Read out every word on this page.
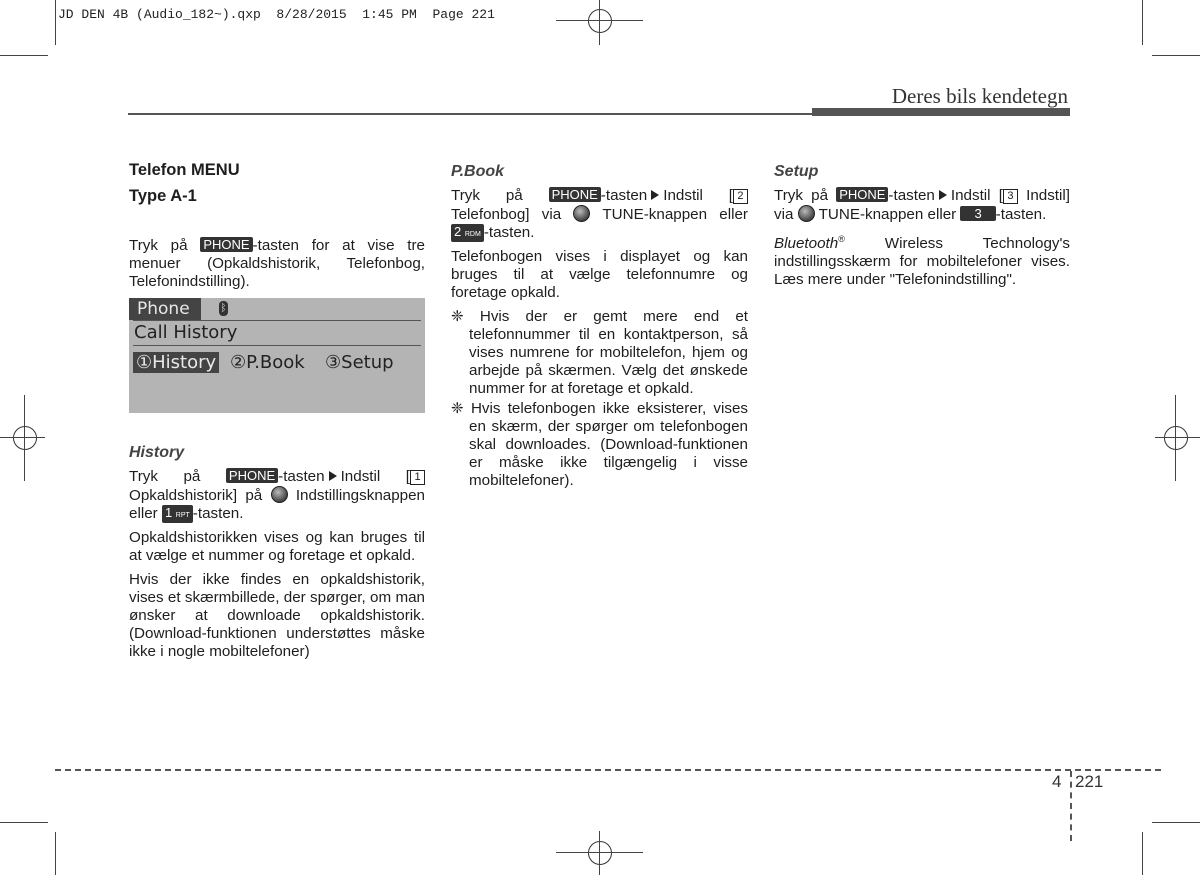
JD DEN 4B (Audio_182~).qxp  8/28/2015  1:45 PM  Page 221
Deres bils kendetegn

Telefon MENU

Type A-1

Tryk på PHONE -tasten for at vise tre menuer (Opkaldshistorik, Telefonbog, Telefonindstilling).

Phone	ᛒ
Call History
①History ②P.Book ③Setup

History

Tryk på PHONE -tasten Indstil [ 1 Opkaldshistorik] på Indstillingsknappen eller 1 RPT -tasten.

Opkaldshistorikken vises og kan bruges til at vælge et nummer og foretage et opkald.

Hvis der ikke findes en opkaldshistorik, vises et skærmbillede, der spørger, om man ønsker at downloade opkaldshistorik. (Download-funktionen understøttes måske ikke i nogle mobiltelefoner)

P.Book

Tryk på PHONE -tasten Indstil [ 2 Telefonbog] via	TUNE-knappen eller 2 RDM -tasten.

Telefonbogen vises i displayet og kan bruges til at vælge telefonnumre og foretage opkald.

❈ Hvis der er gemt mere end et telefonnummer til en kontaktperson, så vises numrene for mobiltelefon, hjem og arbejde på skærmen. Vælg det ønskede nummer for at foretage et opkald.

❈ Hvis telefonbogen ikke eksisterer, vises en skærm, der spørger om telefonbogen skal downloades. (Download-funktionen er måske ikke tilgængelig i visse mobiltelefoner).

Setup

Tryk på PHONE -tasten Indstil [ 3 Indstil] via TUNE-knappen eller 3 -tasten.

Bluetooth® Wireless Technology's indstillingsskærm for mobiltelefoner vises. Læs mere under "Telefonindstilling".

4 221
